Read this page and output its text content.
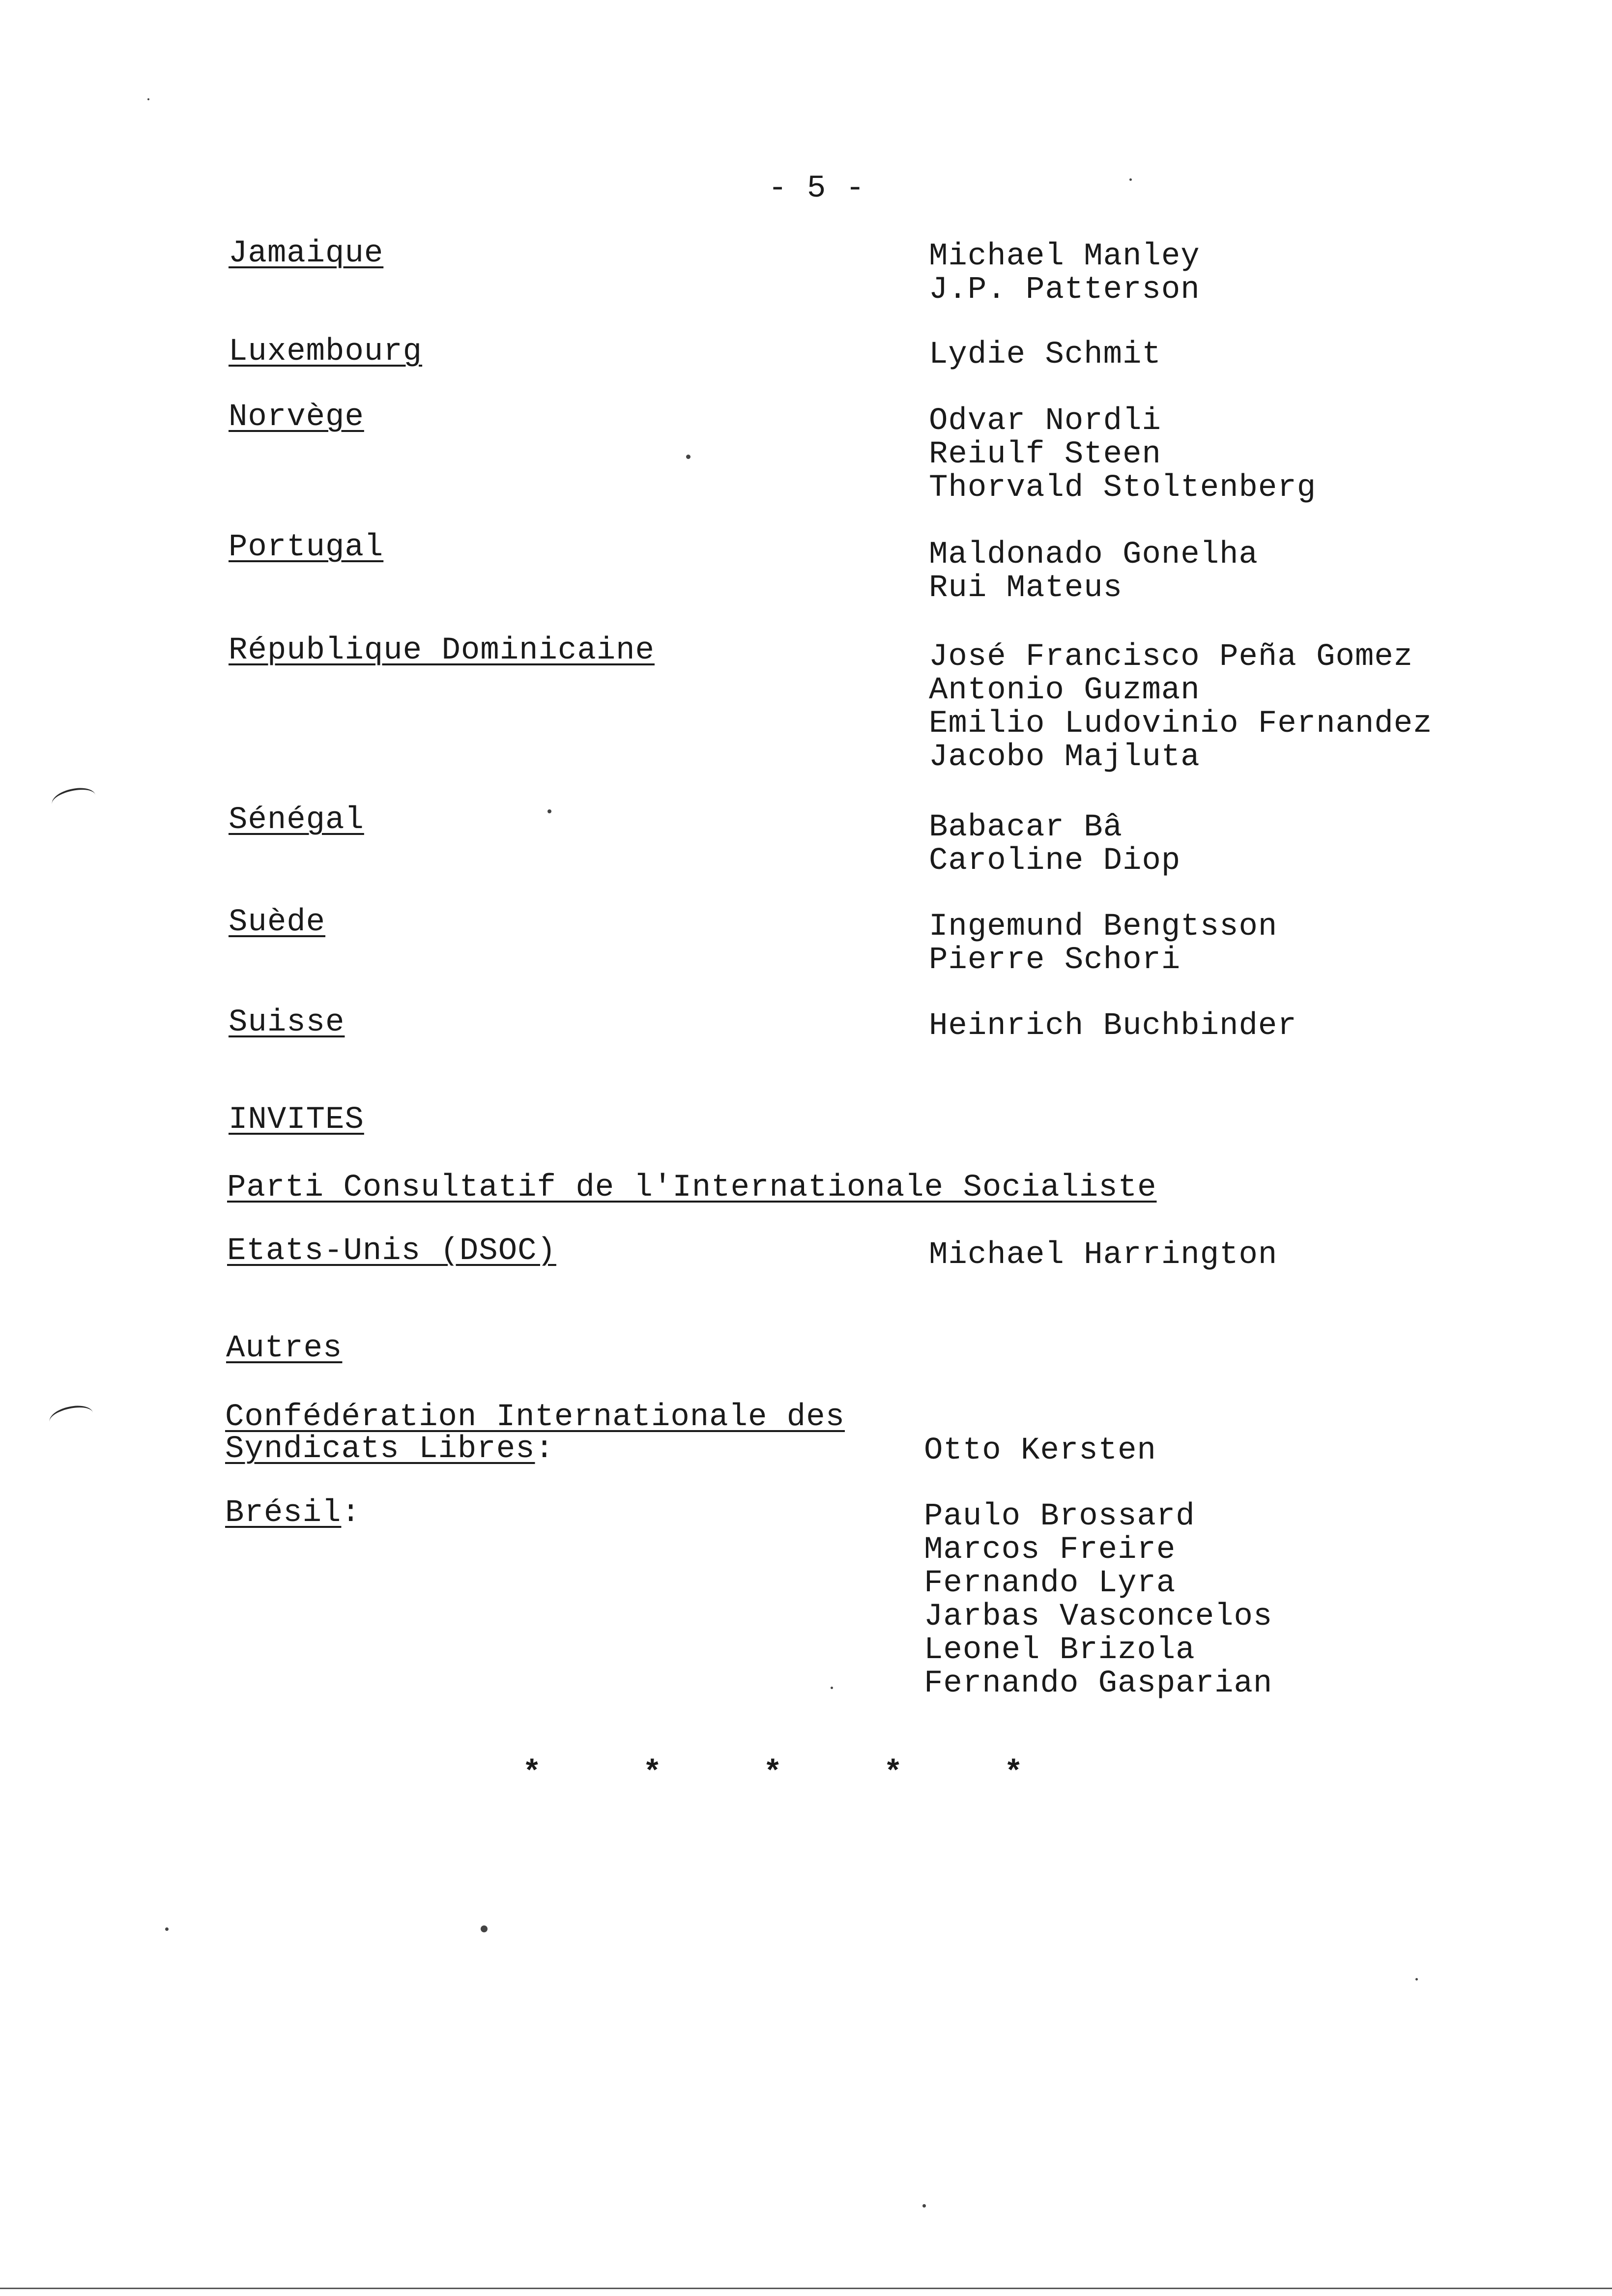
- 5 -
Jamaique	Michael Manley
J.P. Patterson
Luxembourg	Lydie Schmit
Norvège	Odvar Nordli
Reiulf Steen
Thorvald Stoltenberg
Portugal	Maldonado Gonelha
Rui Mateus
République Dominicaine	José Francisco Peña Gomez
Antonio Guzman
Emilio Ludovinio Fernandez
Jacobo Majluta
Sénégal	Babacar Bâ
Caroline Diop
Suède	Ingemund Bengtsson
Pierre Schori
Suisse	Heinrich Buchbinder
INVITES
Parti Consultatif de l'Internationale Socialiste
Etats-Unis (DSOC)	Michael Harrington
Autres
Confédération Internationale des
Syndicats Libres:	Otto Kersten
Brésil:	Paulo Brossard
Marcos Freire
Fernando Lyra
Jarbas Vasconcelos
Leonel Brizola
Fernando Gasparian
*	*	*	*	*
